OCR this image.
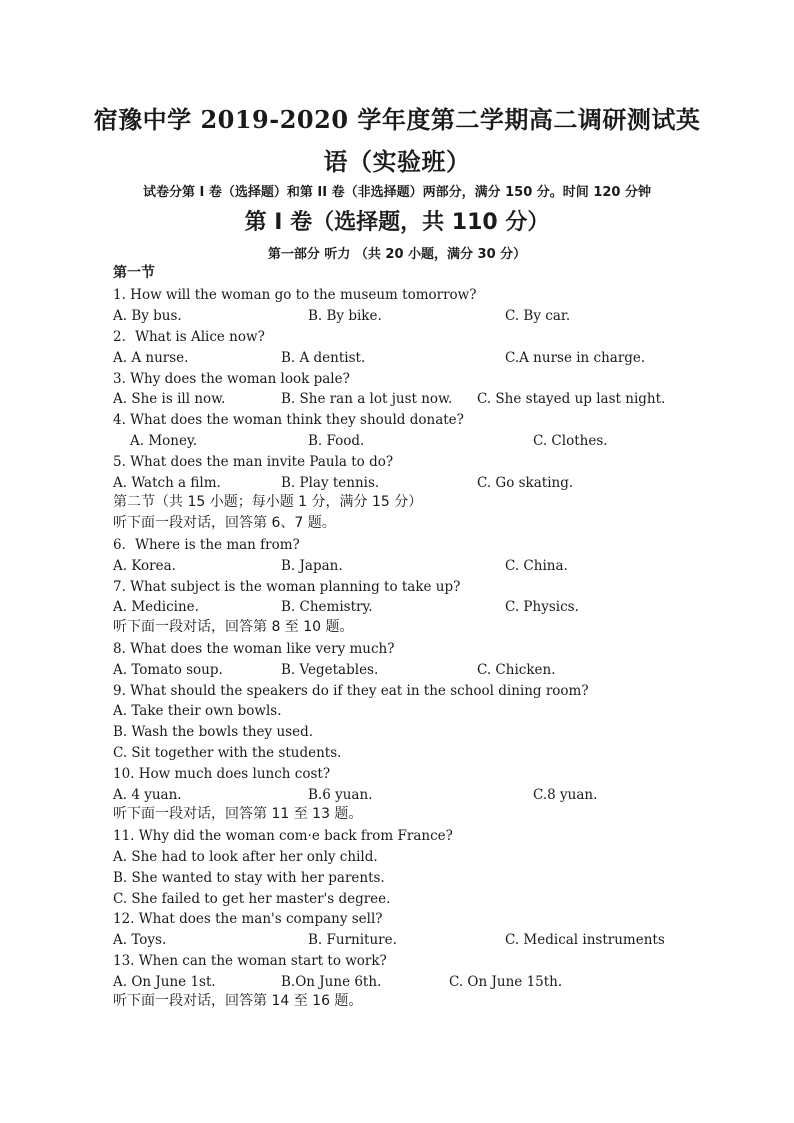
宿豫中学 2019-2020 学年度第二学期高二调研测试英
语（实验班）
试卷分第 I 卷（选择题）和第 II 卷（非选择题）两部分，满分 150 分。时间 120 分钟
第 I 卷（选择题，共 110 分）
第一部分 听力 （共 20 小题，满分 30 分）
第一节
1. How will the woman go to the museum tomorrow?
A. By bus.	B. By bike.	C. By car.
2．What is Alice now?
A. A nurse.	B. A dentist.	C.A nurse in charge.
3. Why does the woman look pale?
A. She is ill now.	B. She ran a lot just now. C. She stayed up last night.
4. What does the woman think they should donate?
A. Money.	B. Food.	C. Clothes.
5. What does the man invite Paula to do?
A. Watch a film.	B. Play tennis.	C. Go skating.
第二节（共 15 小题；每小题 1 分，满分 15 分）
听下面一段对话，回答第 6、7 题。
6．Where is the man from?
A. Korea.	B. Japan.	C. China.
7. What subject is the woman planning to take up?
A. Medicine.	B. Chemistry.	C. Physics.
听下面一段对话，回答第 8 至 10 题。
8. What does the woman like very much?
A. Tomato soup.	B. Vegetables.	C. Chicken.
9. What should the speakers do if they eat in the school dining room?
A. Take their own bowls.
B. Wash the bowls they used.
C. Sit together with the students.
10. How much does lunch cost?
A. 4 yuan.	B.6 yuan.	C.8 yuan.
听下面一段对话，回答第 11 至 13 题。
11. Why did the woman com·e back from France?
A. She had to look after her only child.
B. She wanted to stay with her parents.
C. She failed to get her master's degree.
12. What does the man's company sell?
A. Toys.	B. Furniture.	C. Medical instruments
13. When can the woman start to work?
A. On June 1st.	B.On June 6th.	C. On June 15th.
听下面一段对话，回答第 14 至 16 题。
